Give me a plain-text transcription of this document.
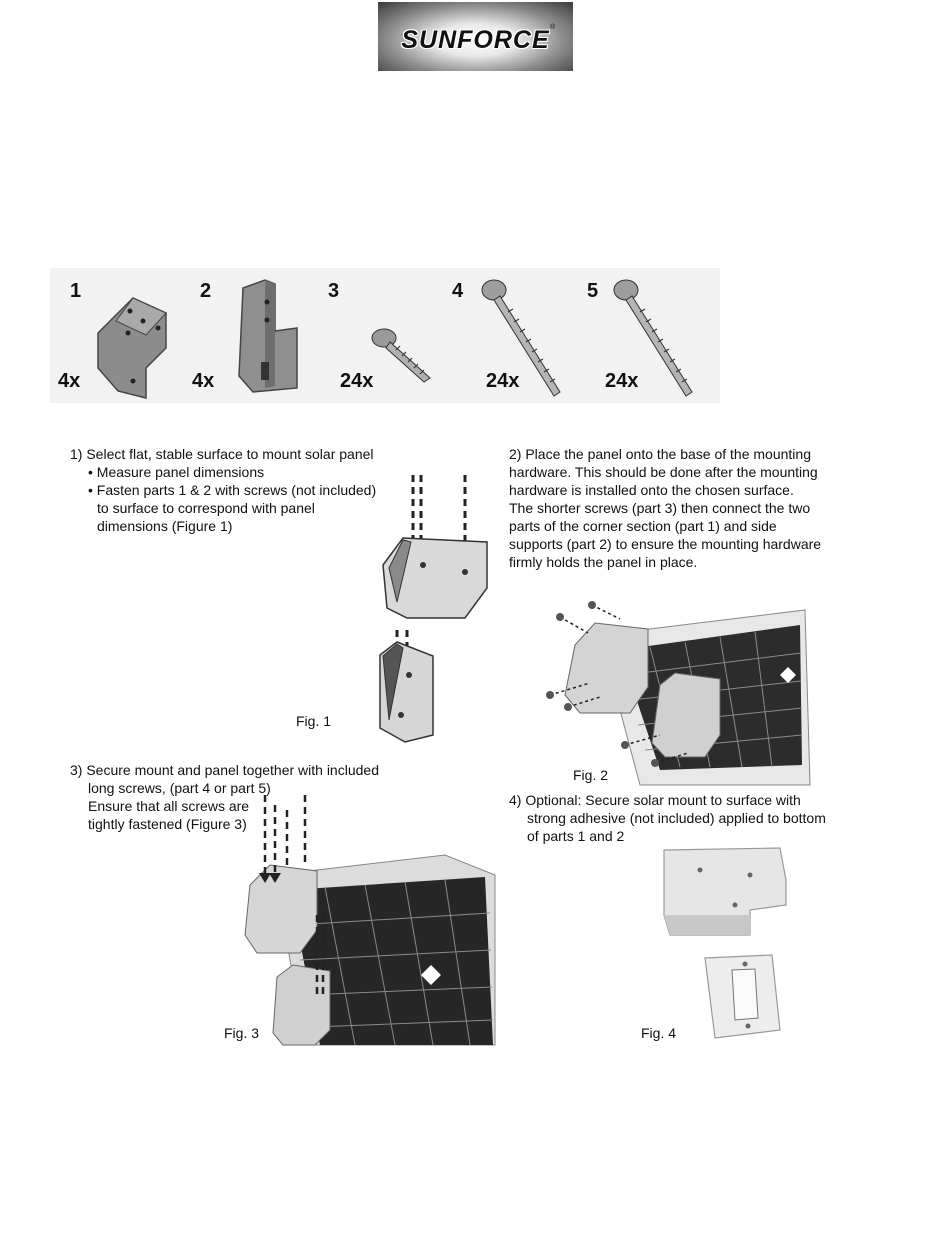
SUNFORCE ®
1
4x
2
4x
3
24x
4
24x
5
24x
1) Select flat, stable surface to mount solar panel
• Measure panel dimensions
• Fasten parts 1 & 2 with screws (not included)
to surface to correspond with panel
dimensions (Figure 1)
Fig. 1
2) Place the panel onto the base of the mounting
hardware. This should be done after the mounting
hardware is installed onto the chosen surface.
The shorter screws (part 3) then connect the two
parts of the corner section (part 1) and side
supports (part 2) to ensure the mounting hardware
firmly holds the panel in place.
Fig. 2
3) Secure mount and panel together with included
long screws, (part 4 or part 5)
Ensure that all screws are
tightly fastened (Figure 3)
Fig. 3
4) Optional: Secure solar mount to surface with
strong adhesive (not included) applied to bottom
of parts 1 and 2
Fig. 4
